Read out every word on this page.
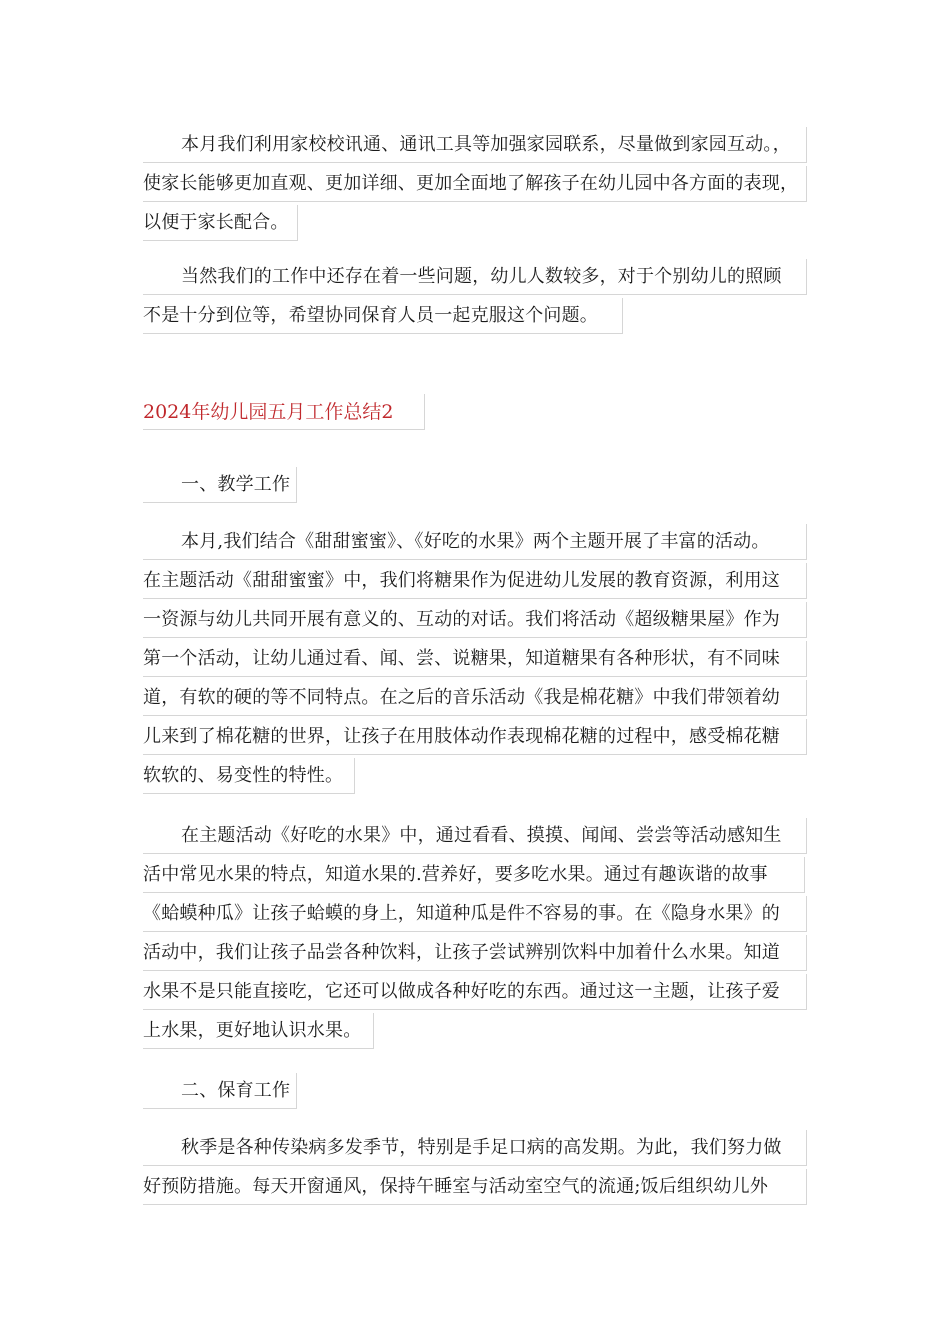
本月我们利用家校校讯通、通讯工具等加强家园联系，尽量做到家园互动。，
使家长能够更加直观、更加详细、更加全面地了解孩子在幼儿园中各方面的表现，
以便于家长配合。
当然我们的工作中还存在着一些问题，幼儿人数较多，对于个别幼儿的照顾
不是十分到位等，希望协同保育人员一起克服这个问题。
2024年幼儿园五月工作总结2
一、教学工作
本月,我们结合《甜甜蜜蜜》、《好吃的水果》两个主题开展了丰富的活动。
在主题活动《甜甜蜜蜜》中，我们将糖果作为促进幼儿发展的教育资源，利用这
一资源与幼儿共同开展有意义的、互动的对话。我们将活动《超级糖果屋》作为
第一个活动，让幼儿通过看、闻、尝、说糖果，知道糖果有各种形状，有不同味
道，有软的硬的等不同特点。在之后的音乐活动《我是棉花糖》中我们带领着幼
儿来到了棉花糖的世界，让孩子在用肢体动作表现棉花糖的过程中，感受棉花糖
软软的、易变性的特性。
在主题活动《好吃的水果》中，通过看看、摸摸、闻闻、尝尝等活动感知生
活中常见水果的特点，知道水果的.营养好，要多吃水果。通过有趣诙谐的故事
《蛤蟆种瓜》让孩子蛤蟆的身上，知道种瓜是件不容易的事。在《隐身水果》的
活动中，我们让孩子品尝各种饮料，让孩子尝试辨别饮料中加着什么水果。知道
水果不是只能直接吃，它还可以做成各种好吃的东西。通过这一主题，让孩子爱
上水果，更好地认识水果。
二、保育工作
秋季是各种传染病多发季节，特别是手足口病的高发期。为此，我们努力做
好预防措施。每天开窗通风，保持午睡室与活动室空气的流通;饭后组织幼儿外
